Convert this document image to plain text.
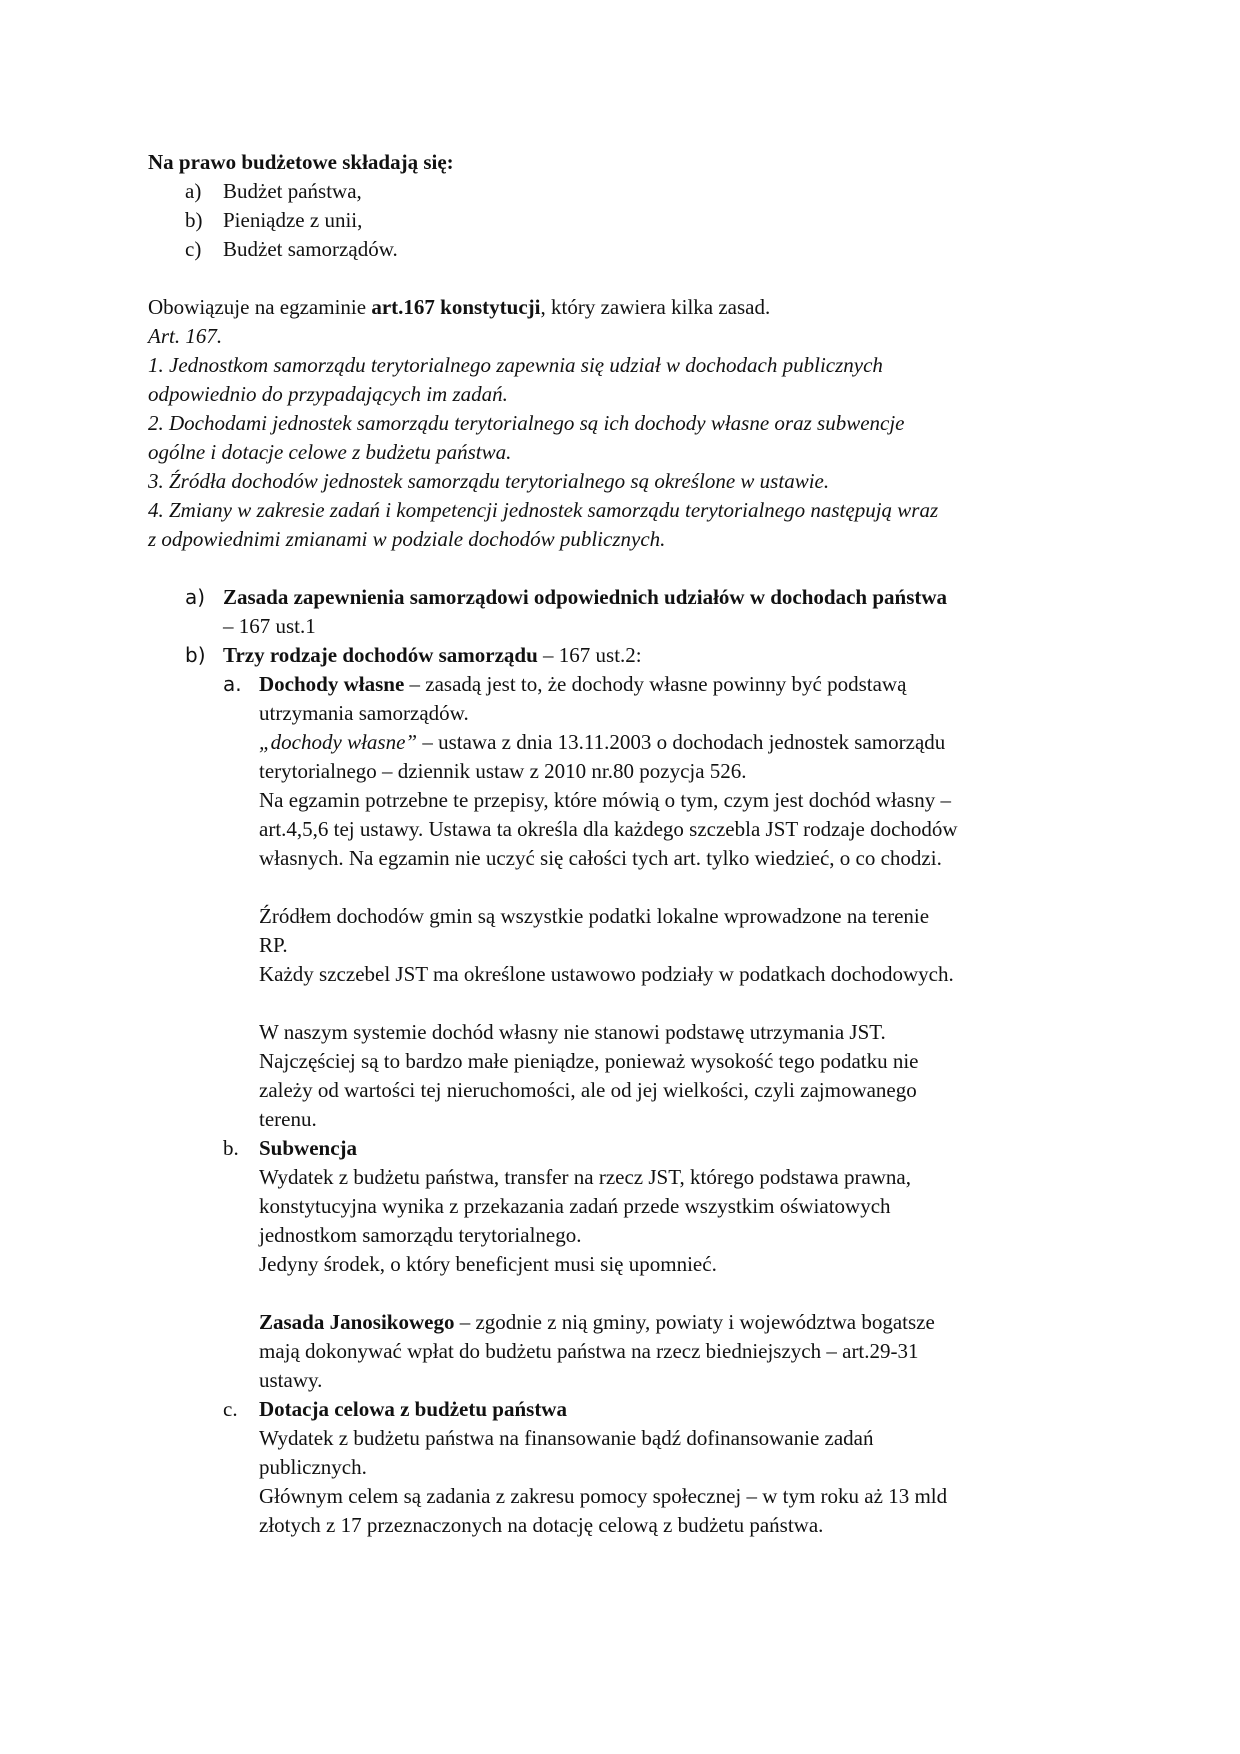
Na prawo budżetowe składają się:

a) Budżet państwa,
b) Pieniądze z unii,
c) Budżet samorządów.

Obowiązuje na egzaminie art.167 konstytucji, który zawiera kilka zasad.

Art. 167.

1. Jednostkom samorządu terytorialnego zapewnia się udział w dochodach publicznych

odpowiednio do przypadających im zadań.

2. Dochodami jednostek samorządu terytorialnego są ich dochody własne oraz subwencje

ogólne i dotacje celowe z budżetu państwa.

3. Źródła dochodów jednostek samorządu terytorialnego są określone w ustawie.

4. Zmiany w zakresie zadań i kompetencji jednostek samorządu terytorialnego następują wraz

z odpowiednimi zmianami w podziale dochodów publicznych.

a) Zasada zapewnienia samorządowi odpowiednich udziałów w dochodach państwa

– 167 ust.1

b) Trzy rodzaje dochodów samorządu – 167 ust.2:

a. Dochody własne – zasadą jest to, że dochody własne powinny być podstawą

utrzymania samorządów.

„dochody własne” – ustawa z dnia 13.11.2003 o dochodach jednostek samorządu

terytorialnego – dziennik ustaw z 2010 nr.80 pozycja 526.

Na egzamin potrzebne te przepisy, które mówią o tym, czym jest dochód własny –

art.4,5,6 tej ustawy. Ustawa ta określa dla każdego szczebla JST rodzaje dochodów

własnych. Na egzamin nie uczyć się całości tych art. tylko wiedzieć, o co chodzi.

Źródłem dochodów gmin są wszystkie podatki lokalne wprowadzone na terenie

RP.

Każdy szczebel JST ma określone ustawowo podziały w podatkach dochodowych.

W naszym systemie dochód własny nie stanowi podstawę utrzymania JST.

Najczęściej są to bardzo małe pieniądze, ponieważ wysokość tego podatku nie

zależy od wartości tej nieruchomości, ale od jej wielkości, czyli zajmowanego

terenu.

b. Subwencja

Wydatek z budżetu państwa, transfer na rzecz JST, którego podstawa prawna,

konstytucyjna wynika z przekazania zadań przede wszystkim oświatowych

jednostkom samorządu terytorialnego.

Jedyny środek, o który beneficjent musi się upomnieć.

Zasada Janosikowego – zgodnie z nią gminy, powiaty i województwa bogatsze

mają dokonywać wpłat do budżetu państwa na rzecz biedniejszych – art.29-31

ustawy.

c. Dotacja celowa z budżetu państwa

Wydatek z budżetu państwa na finansowanie bądź dofinansowanie zadań

publicznych.

Głównym celem są zadania z zakresu pomocy społecznej – w tym roku aż 13 mld

złotych z 17 przeznaczonych na dotację celową z budżetu państwa.
